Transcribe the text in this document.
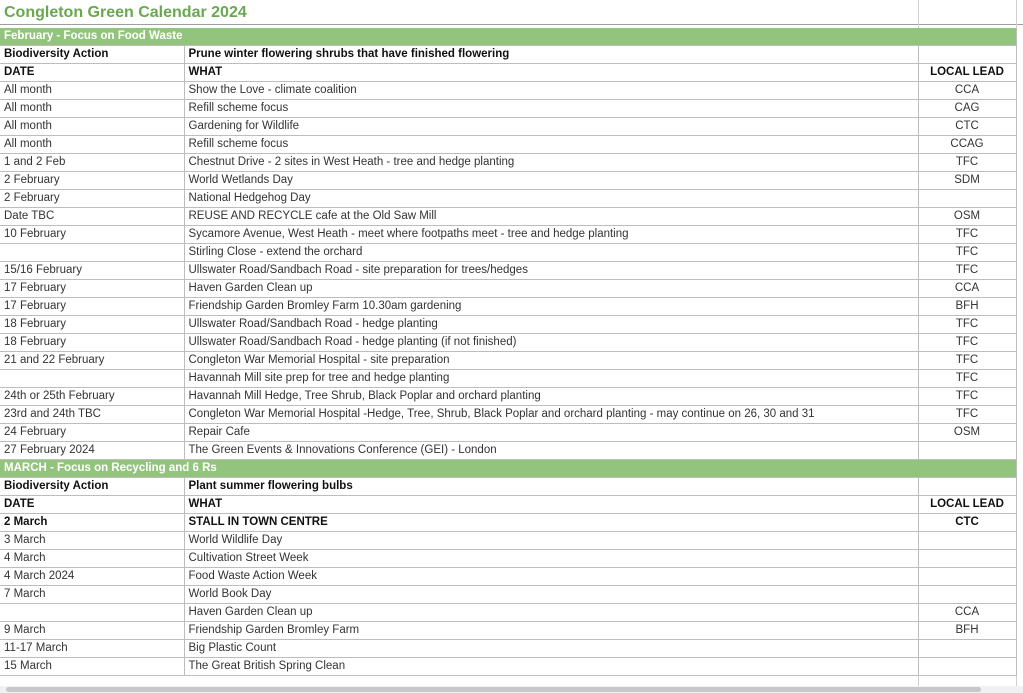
Congleton Green Calendar 2024
February - Focus on Food Waste		
Biodiversity Action	Prune winter flowering shrubs that have finished flowering	
DATE	WHAT	LOCAL LEAD
All month	Show the Love - climate coalition	CCA
All month	Refill scheme focus	CAG
All month	Gardening for Wildlife	CTC
All month	Refill scheme focus	CCAG
1 and 2 Feb	Chestnut Drive - 2 sites in West Heath - tree and hedge planting	TFC
2 February	World Wetlands Day	SDM
2 February	National Hedgehog Day	
Date TBC	REUSE AND RECYCLE cafe at the Old Saw Mill	OSM
10 February	Sycamore Avenue, West Heath - meet where footpaths meet - tree and hedge planting	TFC
	Stirling Close - extend the orchard	TFC
15/16 February	Ullswater Road/Sandbach Road - site preparation for trees/hedges	TFC
17 February	Haven Garden Clean up	CCA
17 February	Friendship Garden Bromley Farm 10.30am gardening	BFH
18 February	Ullswater Road/Sandbach Road - hedge planting	TFC
18 February	Ullswater Road/Sandbach Road - hedge planting (if not finished)	TFC
21 and 22 February	Congleton War Memorial Hospital - site preparation	TFC
	Havannah Mill site prep for tree and hedge planting	TFC
24th or 25th February	Havannah Mill Hedge, Tree Shrub, Black Poplar and orchard planting	TFC
23rd and 24th TBC	Congleton War Memorial Hospital -Hedge, Tree, Shrub, Black Poplar and orchard planting - may continue on 26, 30 and 31	TFC
24 February	Repair Cafe	OSM
27 February 2024	The Green Events & Innovations Conference (GEI) - London	
MARCH - Focus on Recycling and 6 Rs		
Biodiversity Action	Plant summer flowering bulbs	
DATE	WHAT	LOCAL LEAD
2 March	STALL IN TOWN CENTRE	CTC
3 March	World Wildlife Day	
4 March	Cultivation Street Week	
4 March 2024	Food Waste Action Week	
7 March	World Book Day	
	Haven Garden Clean up	CCA
9 March	Friendship Garden Bromley Farm	BFH
11-17 March	Big Plastic Count	
15 March	The Great British Spring Clean	
